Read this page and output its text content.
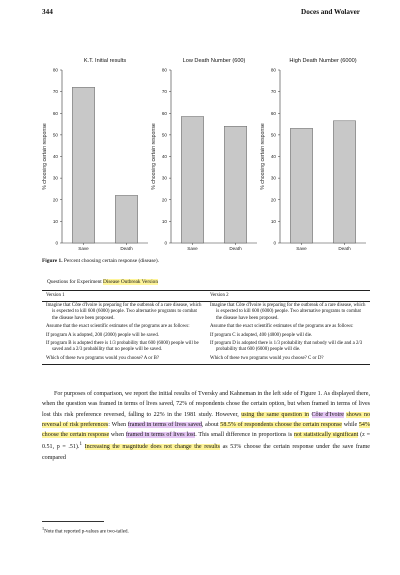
344	Doces and Wolaver
K.T. Initial results
0
10
20
30
40
50
60
70
80
% choosing certain response
Save	Death
Low Death Number (600)
0
10
20
30
40
50
60
70
80
% choosing certain response
Save	Death
High Death Number (6000)
0
10
20
30
40
50
60
70
80
% choosing certain response
Save	Death
Figure 1. Percent choosing certain response (disease).
Questions for Experiment Disease Outbreak Version
Version 1	Version 2

Imagine that Côte d'Ivoire is preparing for the outbreak of a rare disease, which is expected to kill 600 (6000) people. Two alternative programs to combat the disease have been proposed.	Imagine that Côte d'Ivoire is preparing for the outbreak of a rare disease, which is expected to kill 600 (6000) people. Two alternative programs to combat the disease have been proposed.

Assume that the exact scientific estimates of the programs are as follows:	Assume that the exact scientific estimates of the programs are as follows:

If program A is adopted, 200 (2000) people will be saved.	If program C is adopted, 400 (4000) people will die.

If program B is adopted there is 1/3 probability that 600 (6000) people will be saved and a 2/3 probability that no people will be saved.	If program D is adopted there is 1/3 probability that nobody will die and a 2/3 probability that 600 (6000) people will die.

Which of these two programs would you choose? A or B?	Which of these two programs would you choose? C or D?

For purposes of comparison, we report the initial results of Tversky and Kahneman in the left side of Figure 1. As displayed there, when the question was framed in terms of lives saved, 72% of respondents chose the certain option, but when framed in terms of lives lost this risk preference reversed, falling to 22% in the 1981 study. However, using the same question in Côte d'Ivoire shows no reversal of risk preferences: When framed in terms of lives saved, about 58.5% of respondents choose the certain response while 54% choose the certain response when framed in terms of lives lost. This small difference in proportions is not statistically significant (z = 0.51, p = .51).$^1$ Increasing the magnitude does not change the results as 53% choose the certain response under the save frame compared

$^1$Note that reported p-values are two-tailed.
